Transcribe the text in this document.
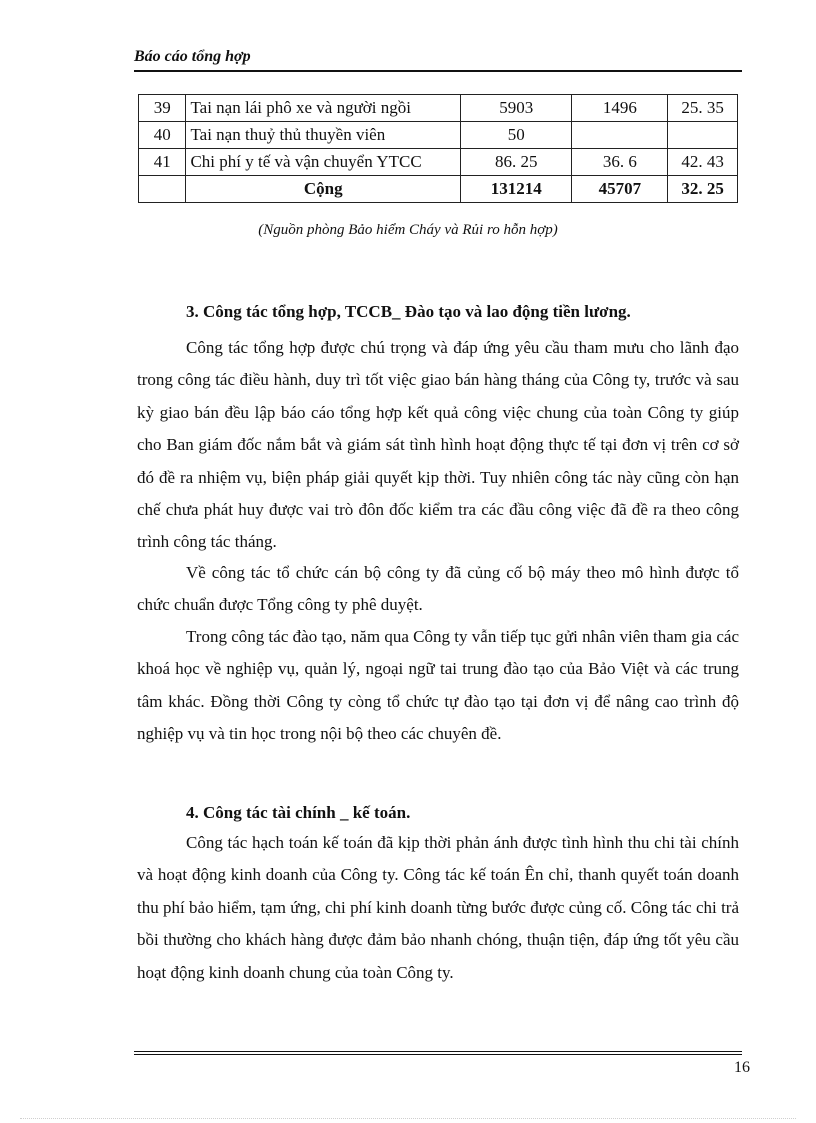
Báo cáo tổng hợp
39	Tai nạn lái phô xe và người ngồi	5903	1496	25. 35
40	Tai nạn thuỷ thủ thuyền viên	50		
41	Chi phí y tế và vận chuyển YTCC	86. 25	36. 6	42. 43
	Cộng	131214	45707	32. 25
(Nguồn phòng Bảo hiểm Cháy và Rủi ro hỗn hợp)
3. Công tác tổng hợp, TCCB_ Đào tạo và lao động tiền lương.

Công tác tổng hợp được chú trọng và đáp ứng yêu cầu tham mưu cho lãnh đạo trong công tác điều hành, duy trì tốt việc giao bán hàng tháng của Công ty, trước và sau kỳ giao bán đều lập báo cáo tổng hợp kết quả công việc chung của toàn Công ty giúp cho Ban giám đốc nắm bắt và giám sát tình hình hoạt động thực tế tại đơn vị trên cơ sở đó đề ra nhiệm vụ, biện pháp giải quyết kịp thời. Tuy nhiên công tác này cũng còn hạn chế chưa phát huy được vai trò đôn đốc kiểm tra các đầu công việc đã đề ra theo công trình công tác tháng.

Về công tác tổ chức cán bộ công ty đã củng cố bộ máy theo mô hình được tổ chức chuẩn được Tổng công ty phê duyệt.

Trong công tác đào tạo, năm qua Công ty vẫn tiếp tục gửi nhân viên tham gia các khoá học về nghiệp vụ, quản lý, ngoại ngữ tai trung đào tạo của Bảo Việt và các trung tâm khác. Đồng thời Công ty còng tổ chức tự đào tạo tại đơn vị để nâng cao trình độ nghiệp vụ và tin học trong nội bộ theo các chuyên đề.

4. Công tác tài chính _ kế toán.

Công tác hạch toán kế toán đã kịp thời phản ánh được tình hình thu chi tài chính và hoạt động kinh doanh của Công ty. Công tác kế toán Ên chỉ, thanh quyết toán doanh thu phí bảo hiểm, tạm ứng, chi phí kinh doanh từng bước được củng cố. Công tác chi trả bồi thường cho khách hàng được đảm bảo nhanh chóng, thuận tiện, đáp ứng tốt yêu cầu hoạt động kinh doanh chung của toàn Công ty.

16
